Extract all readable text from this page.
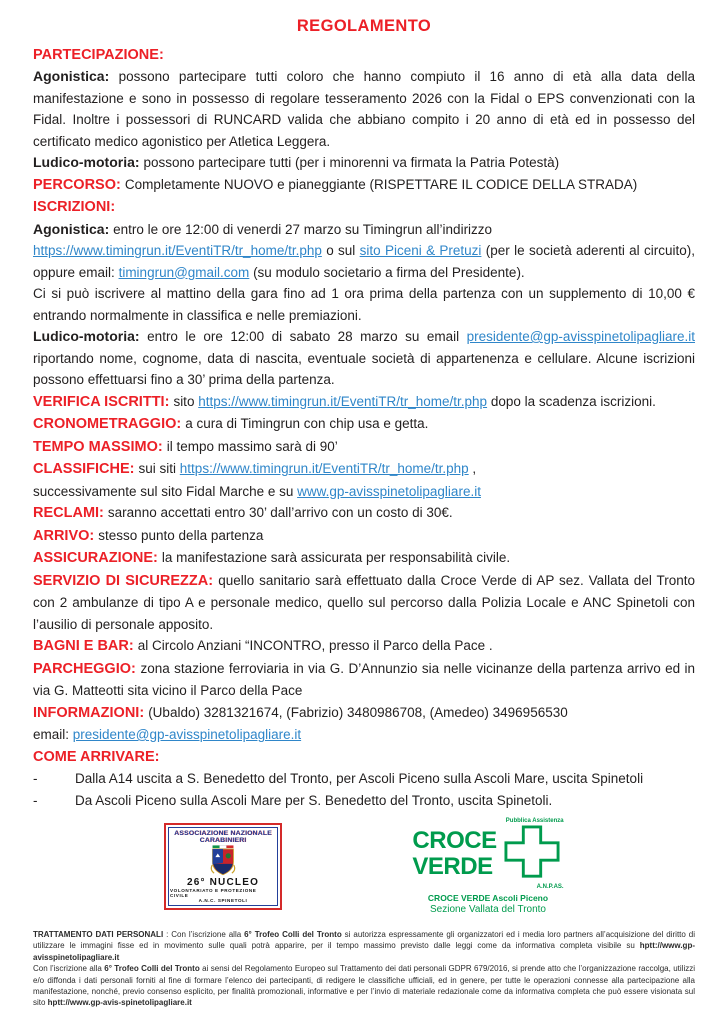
REGOLAMENTO
PARTECIPAZIONE:
Agonistica: possono partecipare tutti coloro che hanno compiuto il 16 anno di età alla data della manifestazione e sono in possesso di regolare tesseramento 2026 con la Fidal o EPS convenzionati con la Fidal. Inoltre i possessori di RUNCARD valida che abbiano compito i 20 anno di età ed in possesso del certificato medico agonistico per Atletica Leggera.
Ludico-motoria: possono partecipare tutti (per i minorenni va firmata la Patria Potestà)
PERCORSO: Completamente NUOVO e pianeggiante (RISPETTARE IL CODICE DELLA STRADA)
ISCRIZIONI:
Agonistica: entro le ore 12:00 di venerdi 27 marzo su Timingrun all’indirizzo
https://www.timingrun.it/EventiTR/tr_home/tr.php o sul sito Piceni & Pretuzi (per le società aderenti al circuito), oppure email: timingrun@gmail.com (su modulo societario a firma del Presidente).
Ci si può iscrivere al mattino della gara fino ad 1 ora prima della partenza con un supplemento di 10,00 € entrando normalmente in classifica e nelle premiazioni.
Ludico-motoria: entro le ore 12:00 di sabato 28 marzo su email presidente@gp-avisspinetolipagliare.it riportando nome, cognome, data di nascita, eventuale società di appartenenza e cellulare. Alcune iscrizioni possono effettuarsi fino a 30’ prima della partenza.
VERIFICA ISCRITTI: sito https://www.timingrun.it/EventiTR/tr_home/tr.php dopo la scadenza iscrizioni.
CRONOMETRAGGIO: a cura di Timingrun con chip usa e getta.
TEMPO MASSIMO: il tempo massimo sarà di 90’
CLASSIFICHE: sui siti https://www.timingrun.it/EventiTR/tr_home/tr.php ,
successivamente sul sito Fidal Marche e su www.gp-avisspinetolipagliare.it
RECLAMI: saranno accettati entro 30’ dall’arrivo con un costo di 30€.
ARRIVO: stesso punto della partenza
ASSICURAZIONE: la manifestazione sarà assicurata per responsabilità civile.
SERVIZIO DI SICUREZZA: quello sanitario sarà effettuato dalla Croce Verde di AP sez. Vallata del Tronto con 2 ambulanze di tipo A e personale medico, quello sul percorso dalla Polizia Locale e ANC Spinetoli con l’ausilio di personale apposito.
BAGNI E BAR: al Circolo Anziani “INCONTRO, presso il Parco della Pace .
PARCHEGGIO: zona stazione ferroviaria in via G. D’Annunzio sia nelle vicinanze della partenza arrivo ed in via G. Matteotti sita vicino il Parco della Pace
INFORMAZIONI: (Ubaldo) 3281321674, (Fabrizio) 3480986708, (Amedeo) 3496956530
email: presidente@gp-avisspinetolipagliare.it
COME ARRIVARE:
-	Dalla A14 uscita a S. Benedetto del Tronto, per Ascoli Piceno sulla Ascoli Mare, uscita Spinetoli
-	Da Ascoli Piceno sulla Ascoli Mare per S. Benedetto del Tronto, uscita Spinetoli.
ASSOCIAZIONE NAZIONALE
CARABINIERI
26° NUCLEO
VOLONTARIATO E PROTEZIONE CIVILE
A.N.C. SPINETOLI
CROCE
VERDE
Pubblica Assistenza
A.N.P.AS.
CROCE VERDE Ascoli Piceno
Sezione Vallata del Tronto
TRATTAMENTO DATI PERSONALI : Con l’iscrizione alla 6° Trofeo Colli del Tronto si autorizza espressamente gli organizzatori ed i media loro partners all’acquisizione del diritto di utilizzare le immagini fisse ed in movimento sulle quali potrà apparire, per il tempo massimo previsto dalle leggi come da informativa completa visibile su hptt://www.gp-avisspinetolipagliare.it
Con l’iscrizione alla 6° Trofeo Colli del Tronto ai sensi del Regolamento Europeo sul Trattamento dei dati personali GDPR 679/2016, si prende atto che l’organizzazione raccolga, utilizzi e/o diffonda i dati personali forniti al fine di formare l’elenco dei partecipanti, di redigere le classifiche ufficiali, ed in genere, per tutte le operazioni connesse alla partecipazione alla manifestazione, nonché, previo consenso esplicito, per finalità promozionali, informative e per l’invio di materiale redazionale come da informativa completa che può essere visionata sul sito hptt://www.gp-avis-spinetolipagliare.it
